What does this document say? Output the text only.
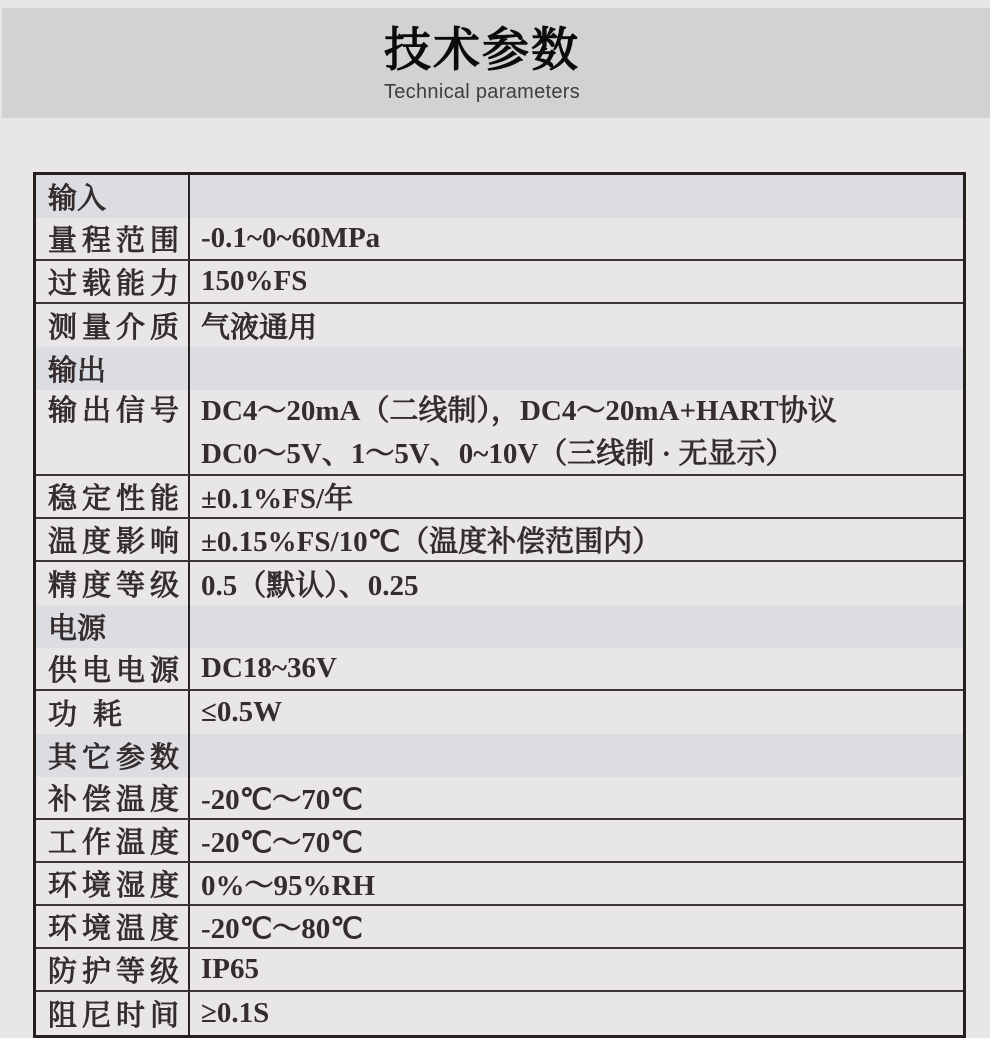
技术参数
Technical parameters
输入
量程范围 -0.1~0~60MPa
过载能力 150%FS
测量介质 气液通用
输出
输出信号 DC4～20mA（二线制），DC4～20mA+HART协议
DC0～5V、1～5V、0~10V（三线制 · 无显示）
稳定性能 ±0.1%FS/年
温度影响 ±0.15%FS/10℃（温度补偿范围内）
精度等级 0.5（默认）、0.25
电源
供电电源 DC18~36V
功耗	≤0.5W
其它参数
补偿温度 -20℃～70℃
工作温度 -20℃～70℃
环境湿度 0%～95%RH
环境温度 -20℃～80℃
防护等级 IP65
阻尼时间 ≥0.1S
